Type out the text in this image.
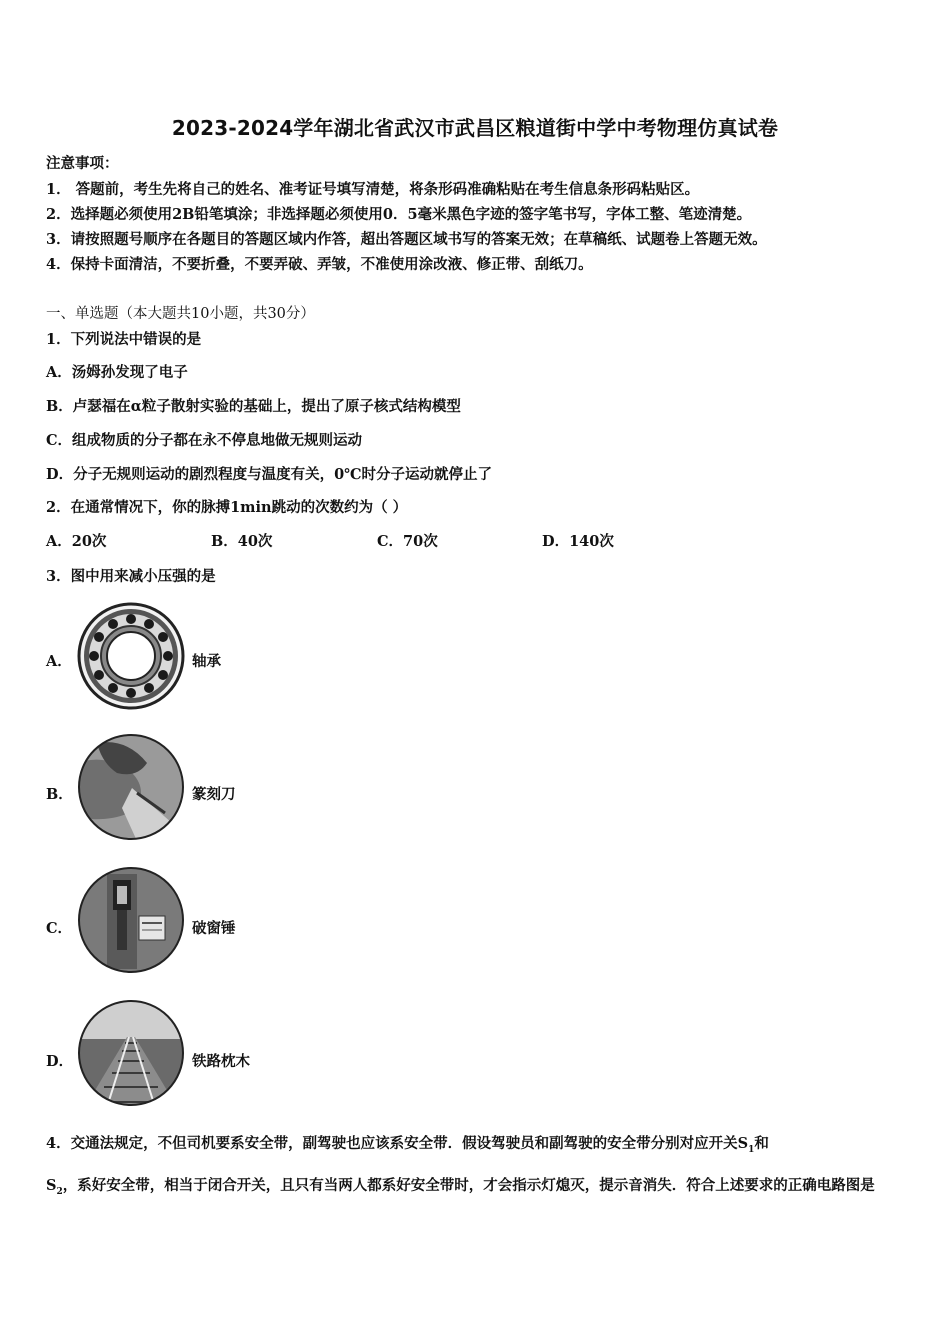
2023-2024学年湖北省武汉市武昌区粮道街中学中考物理仿真试卷
注意事项：
1． 答题前，考生先将自己的姓名、准考证号填写清楚，将条形码准确粘贴在考生信息条形码粘贴区。
2．选择题必须使用2B铅笔填涂；非选择题必须使用0．5毫米黑色字迹的签字笔书写，字体工整、笔迹清楚。
3．请按照题号顺序在各题目的答题区域内作答，超出答题区域书写的答案无效；在草稿纸、试题卷上答题无效。
4．保持卡面清洁，不要折叠，不要弄破、弄皱，不准使用涂改液、修正带、刮纸刀。
一、单选题（本大题共10小题，共30分）
1．下列说法中错误的是
A．汤姆孙发现了电子
B．卢瑟福在α粒子散射实验的基础上，提出了原子核式结构模型
C．组成物质的分子都在永不停息地做无规则运动
D．分子无规则运动的剧烈程度与温度有关，0℃时分子运动就停止了
2．在通常情况下，你的脉搏1min跳动的次数约为（ ）
A．20次	B．40次	C．70次	D．140次
3．图中用来减小压强的是
A．	轴承
B．	篆刻刀
C．	破窗锤
D．	铁路枕木
4．交通法规定，不但司机要系安全带，副驾驶也应该系安全带．假设驾驶员和副驾驶的安全带分别对应开关$S_1$和
$S_2$，系好安全带，相当于闭合开关，且只有当两人都系好安全带时，才会指示灯熄灭，提示音消失．符合上述要求的正确电路图是
